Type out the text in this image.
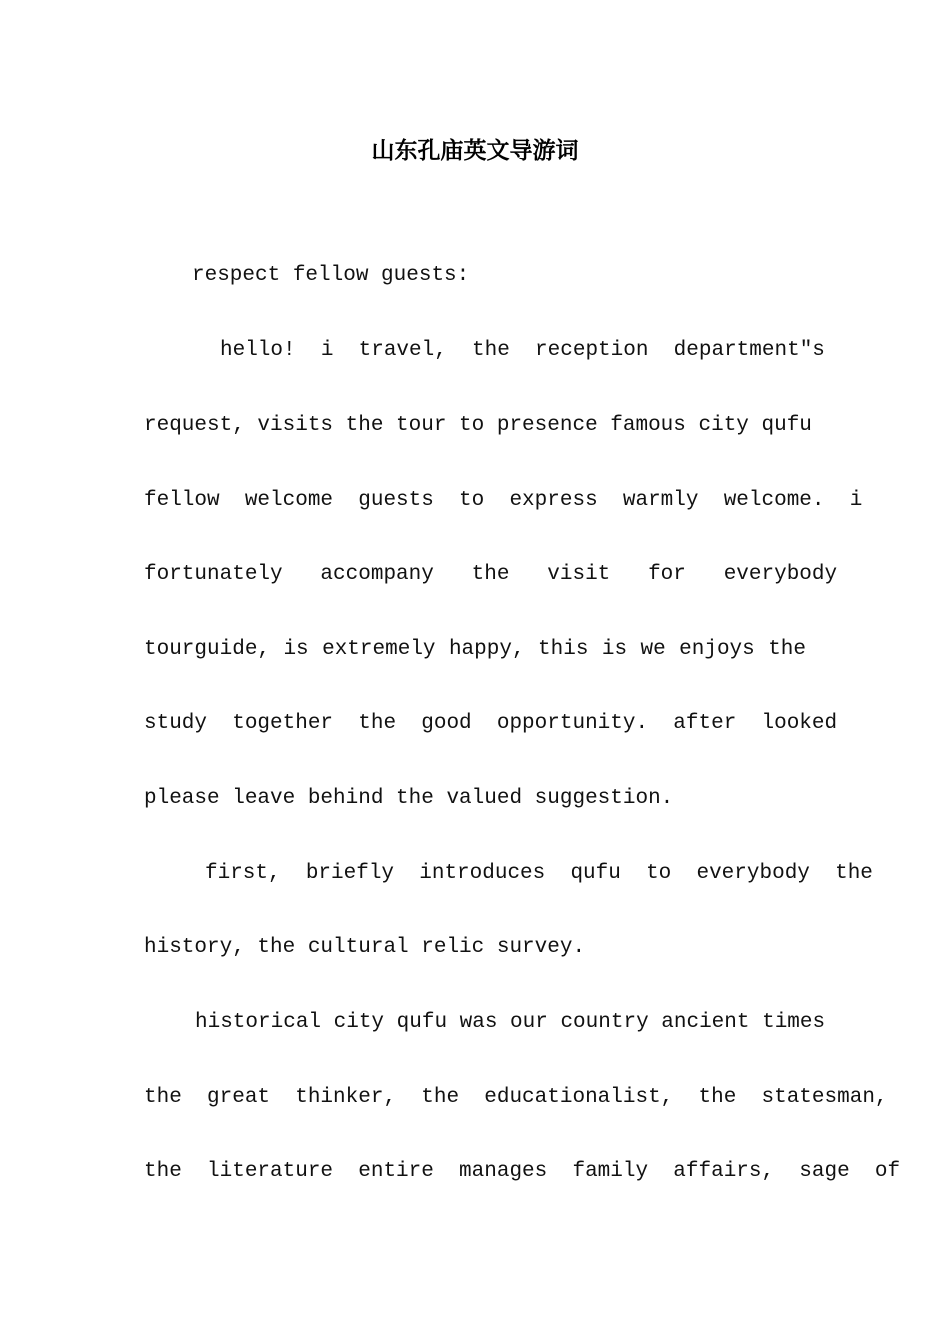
山东孔庙英文导游词
respect fellow guests:
hello!  i  travel,  the  reception  department″s
request, visits the tour to presence famous city qufu
fellow  welcome  guests  to  express  warmly  welcome.  i
fortunately   accompany   the   visit   for   everybody
tourguide, is extremely happy, this is we enjoys the
study  together  the  good  opportunity.  after  looked
please leave behind the valued suggestion.
first,  briefly  introduces  qufu  to  everybody  the
history, the cultural relic survey.
historical city qufu was our country ancient times
the  great  thinker,  the  educationalist,  the  statesman,
the  literature  entire  manages  family  affairs,  sage  of
